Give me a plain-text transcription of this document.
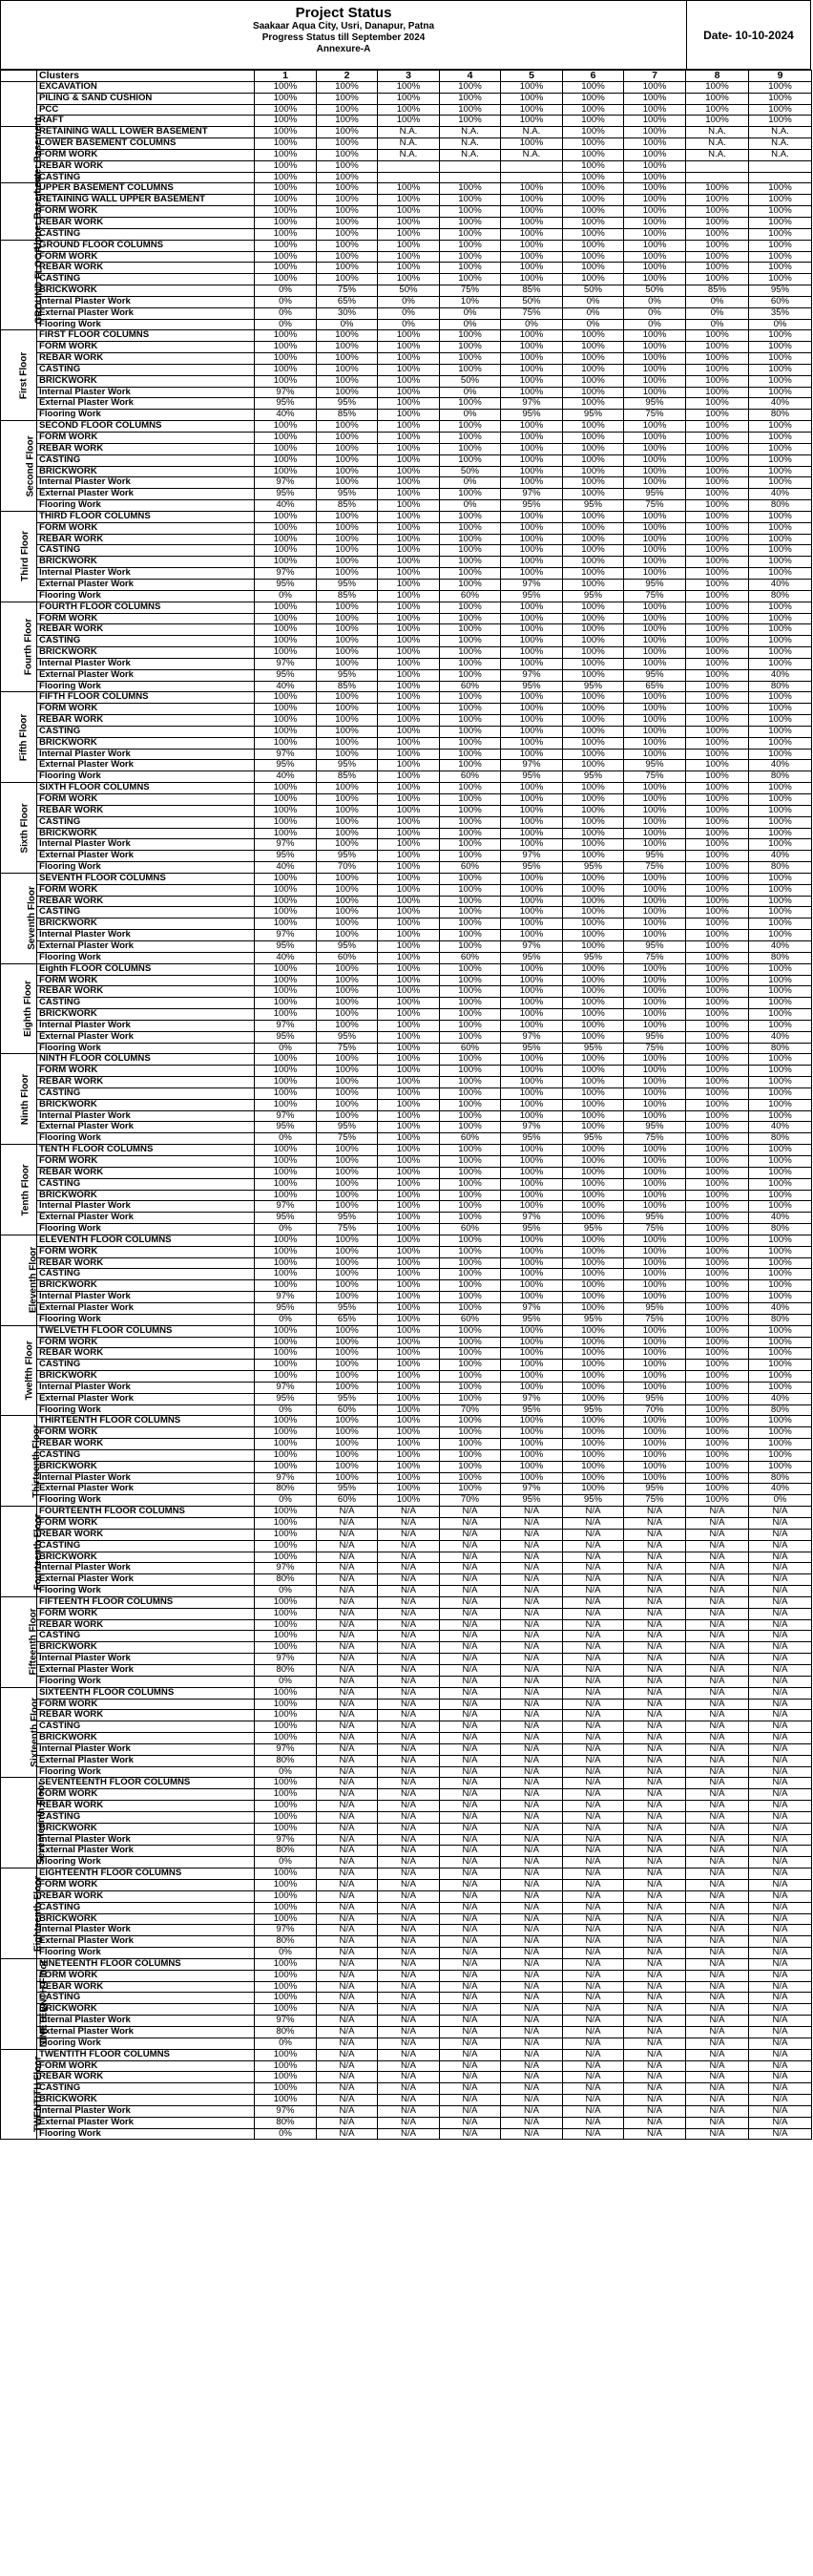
Project Status
Saakaar Aqua City, Usri, Danapur, Patna
Progress Status till September 2024
Annexure-A
Date- 10-10-2024
	Clusters	1	2	3	4	5	6	7	8	9
	EXCAVATION	100%	100%	100%	100%	100%	100%	100%	100%	100%
	PILING & SAND CUSHION	100%	100%	100%	100%	100%	100%	100%	100%	100%
	PCC	100%	100%	100%	100%	100%	100%	100%	100%	100%
	RAFT	100%	100%	100%	100%	100%	100%	100%	100%	100%
Lower Basement	RETAINING WALL LOWER BASEMENT	100%	100%	N.A.	N.A.	N.A.	100%	100%	N.A.	N.A.
	LOWER BASEMENT COLUMNS	100%	100%	N.A.	N.A.	100%	100%	100%	N.A.	N.A.
	FORM WORK	100%	100%	N.A.	N.A.	N.A.	100%	100%	N.A.	N.A.
	REBAR WORK	100%	100%				100%	100%		
	CASTING	100%	100%				100%	100%		
Upper Basement	UPPER BASEMENT COLUMNS	100%	100%	100%	100%	100%	100%	100%	100%	100%
	RETAINING WALL UPPER BASEMENT	100%	100%	100%	100%	100%	100%	100%	100%	100%
	FORM WORK	100%	100%	100%	100%	100%	100%	100%	100%	100%
	REBAR WORK	100%	100%	100%	100%	100%	100%	100%	100%	100%
	CASTING	100%	100%	100%	100%	100%	100%	100%	100%	100%
GROUND FLOOR	GROUND FLOOR COLUMNS	100%	100%	100%	100%	100%	100%	100%	100%	100%
	FORM WORK	100%	100%	100%	100%	100%	100%	100%	100%	100%
	REBAR WORK	100%	100%	100%	100%	100%	100%	100%	100%	100%
	CASTING	100%	100%	100%	100%	100%	100%	100%	100%	100%
	BRICKWORK	0%	75%	50%	75%	85%	50%	50%	85%	95%
	Internal Plaster Work	0%	65%	0%	10%	50%	0%	0%	0%	60%
	External Plaster Work	0%	30%	0%	0%	75%	0%	0%	0%	35%
	Flooring Work	0%	0%	0%	0%	0%	0%	0%	0%	0%
First Floor	FIRST FLOOR COLUMNS	100%	100%	100%	100%	100%	100%	100%	100%	100%
	FORM WORK	100%	100%	100%	100%	100%	100%	100%	100%	100%
	REBAR WORK	100%	100%	100%	100%	100%	100%	100%	100%	100%
	CASTING	100%	100%	100%	100%	100%	100%	100%	100%	100%
	BRICKWORK	100%	100%	100%	50%	100%	100%	100%	100%	100%
	Internal Plaster Work	97%	100%	100%	0%	100%	100%	100%	100%	100%
	External Plaster Work	95%	95%	100%	100%	97%	100%	95%	100%	40%
	Flooring Work	40%	85%	100%	0%	95%	95%	75%	100%	80%
Second Floor	SECOND FLOOR COLUMNS	100%	100%	100%	100%	100%	100%	100%	100%	100%
	FORM WORK	100%	100%	100%	100%	100%	100%	100%	100%	100%
	REBAR WORK	100%	100%	100%	100%	100%	100%	100%	100%	100%
	CASTING	100%	100%	100%	100%	100%	100%	100%	100%	100%
	BRICKWORK	100%	100%	100%	50%	100%	100%	100%	100%	100%
	Internal Plaster Work	97%	100%	100%	0%	100%	100%	100%	100%	100%
	External Plaster Work	95%	95%	100%	100%	97%	100%	95%	100%	40%
	Flooring Work	40%	85%	100%	0%	95%	95%	75%	100%	80%
Third Floor	THIRD FLOOR COLUMNS	100%	100%	100%	100%	100%	100%	100%	100%	100%
	FORM WORK	100%	100%	100%	100%	100%	100%	100%	100%	100%
	REBAR WORK	100%	100%	100%	100%	100%	100%	100%	100%	100%
	CASTING	100%	100%	100%	100%	100%	100%	100%	100%	100%
	BRICKWORK	100%	100%	100%	100%	100%	100%	100%	100%	100%
	Internal Plaster Work	97%	100%	100%	100%	100%	100%	100%	100%	100%
	External Plaster Work	95%	95%	100%	100%	97%	100%	95%	100%	40%
	Flooring Work	0%	85%	100%	60%	95%	95%	75%	100%	80%
Fourth Floor	FOURTH FLOOR COLUMNS	100%	100%	100%	100%	100%	100%	100%	100%	100%
	FORM WORK	100%	100%	100%	100%	100%	100%	100%	100%	100%
	REBAR WORK	100%	100%	100%	100%	100%	100%	100%	100%	100%
	CASTING	100%	100%	100%	100%	100%	100%	100%	100%	100%
	BRICKWORK	100%	100%	100%	100%	100%	100%	100%	100%	100%
	Internal Plaster Work	97%	100%	100%	100%	100%	100%	100%	100%	100%
	External Plaster Work	95%	95%	100%	100%	97%	100%	95%	100%	40%
	Flooring Work	40%	85%	100%	60%	95%	95%	65%	100%	80%
Fifth Floor	FIFTH FLOOR COLUMNS	100%	100%	100%	100%	100%	100%	100%	100%	100%
	FORM WORK	100%	100%	100%	100%	100%	100%	100%	100%	100%
	REBAR WORK	100%	100%	100%	100%	100%	100%	100%	100%	100%
	CASTING	100%	100%	100%	100%	100%	100%	100%	100%	100%
	BRICKWORK	100%	100%	100%	100%	100%	100%	100%	100%	100%
	Internal Plaster Work	97%	100%	100%	100%	100%	100%	100%	100%	100%
	External Plaster Work	95%	95%	100%	100%	97%	100%	95%	100%	40%
	Flooring Work	40%	85%	100%	60%	95%	95%	75%	100%	80%
Sixth Floor	SIXTH FLOOR COLUMNS	100%	100%	100%	100%	100%	100%	100%	100%	100%
	FORM WORK	100%	100%	100%	100%	100%	100%	100%	100%	100%
	REBAR WORK	100%	100%	100%	100%	100%	100%	100%	100%	100%
	CASTING	100%	100%	100%	100%	100%	100%	100%	100%	100%
	BRICKWORK	100%	100%	100%	100%	100%	100%	100%	100%	100%
	Internal Plaster Work	97%	100%	100%	100%	100%	100%	100%	100%	100%
	External Plaster Work	95%	95%	100%	100%	97%	100%	95%	100%	40%
	Flooring Work	40%	70%	100%	60%	95%	95%	75%	100%	80%
Seventh Floor	SEVENTH FLOOR COLUMNS	100%	100%	100%	100%	100%	100%	100%	100%	100%
	FORM WORK	100%	100%	100%	100%	100%	100%	100%	100%	100%
	REBAR WORK	100%	100%	100%	100%	100%	100%	100%	100%	100%
	CASTING	100%	100%	100%	100%	100%	100%	100%	100%	100%
	BRICKWORK	100%	100%	100%	100%	100%	100%	100%	100%	100%
	Internal Plaster Work	97%	100%	100%	100%	100%	100%	100%	100%	100%
	External Plaster Work	95%	95%	100%	100%	97%	100%	95%	100%	40%
	Flooring Work	40%	60%	100%	60%	95%	95%	75%	100%	80%
Eighth Floor	Eighth FLOOR COLUMNS	100%	100%	100%	100%	100%	100%	100%	100%	100%
	FORM WORK	100%	100%	100%	100%	100%	100%	100%	100%	100%
	REBAR WORK	100%	100%	100%	100%	100%	100%	100%	100%	100%
	CASTING	100%	100%	100%	100%	100%	100%	100%	100%	100%
	BRICKWORK	100%	100%	100%	100%	100%	100%	100%	100%	100%
	Internal Plaster Work	97%	100%	100%	100%	100%	100%	100%	100%	100%
	External Plaster Work	95%	95%	100%	100%	97%	100%	95%	100%	40%
	Flooring Work	0%	75%	100%	60%	95%	95%	75%	100%	80%
Ninth Floor	NINTH FLOOR COLUMNS	100%	100%	100%	100%	100%	100%	100%	100%	100%
	FORM WORK	100%	100%	100%	100%	100%	100%	100%	100%	100%
	REBAR WORK	100%	100%	100%	100%	100%	100%	100%	100%	100%
	CASTING	100%	100%	100%	100%	100%	100%	100%	100%	100%
	BRICKWORK	100%	100%	100%	100%	100%	100%	100%	100%	100%
	Internal Plaster Work	97%	100%	100%	100%	100%	100%	100%	100%	100%
	External Plaster Work	95%	95%	100%	100%	97%	100%	95%	100%	40%
	Flooring Work	0%	75%	100%	60%	95%	95%	75%	100%	80%
Tenth Floor	TENTH FLOOR COLUMNS	100%	100%	100%	100%	100%	100%	100%	100%	100%
	FORM WORK	100%	100%	100%	100%	100%	100%	100%	100%	100%
	REBAR WORK	100%	100%	100%	100%	100%	100%	100%	100%	100%
	CASTING	100%	100%	100%	100%	100%	100%	100%	100%	100%
	BRICKWORK	100%	100%	100%	100%	100%	100%	100%	100%	100%
	Internal Plaster Work	97%	100%	100%	100%	100%	100%	100%	100%	100%
	External Plaster Work	95%	95%	100%	100%	97%	100%	95%	100%	40%
	Flooring Work	0%	75%	100%	60%	95%	95%	75%	100%	80%
Eleventh Floor	ELEVENTH FLOOR COLUMNS	100%	100%	100%	100%	100%	100%	100%	100%	100%
	FORM WORK	100%	100%	100%	100%	100%	100%	100%	100%	100%
	REBAR WORK	100%	100%	100%	100%	100%	100%	100%	100%	100%
	CASTING	100%	100%	100%	100%	100%	100%	100%	100%	100%
	BRICKWORK	100%	100%	100%	100%	100%	100%	100%	100%	100%
	Internal Plaster Work	97%	100%	100%	100%	100%	100%	100%	100%	100%
	External Plaster Work	95%	95%	100%	100%	97%	100%	95%	100%	40%
	Flooring Work	0%	65%	100%	60%	95%	95%	75%	100%	80%
Twelfth Floor	TWELVETH FLOOR COLUMNS	100%	100%	100%	100%	100%	100%	100%	100%	100%
	FORM WORK	100%	100%	100%	100%	100%	100%	100%	100%	100%
	REBAR WORK	100%	100%	100%	100%	100%	100%	100%	100%	100%
	CASTING	100%	100%	100%	100%	100%	100%	100%	100%	100%
	BRICKWORK	100%	100%	100%	100%	100%	100%	100%	100%	100%
	Internal Plaster Work	97%	100%	100%	100%	100%	100%	100%	100%	100%
	External Plaster Work	95%	95%	100%	100%	97%	100%	95%	100%	40%
	Flooring Work	0%	60%	100%	70%	95%	95%	70%	100%	80%
Thirteenth Floor	THIRTEENTH FLOOR COLUMNS	100%	100%	100%	100%	100%	100%	100%	100%	100%
	FORM WORK	100%	100%	100%	100%	100%	100%	100%	100%	100%
	REBAR WORK	100%	100%	100%	100%	100%	100%	100%	100%	100%
	CASTING	100%	100%	100%	100%	100%	100%	100%	100%	100%
	BRICKWORK	100%	100%	100%	100%	100%	100%	100%	100%	100%
	Internal Plaster Work	97%	100%	100%	100%	100%	100%	100%	100%	80%
	External Plaster Work	80%	95%	100%	100%	97%	100%	95%	100%	40%
	Flooring Work	0%	60%	100%	70%	95%	95%	75%	100%	0%
Fourteenth Floor	FOURTEENTH FLOOR COLUMNS	100%	N/A	N/A	N/A	N/A	N/A	N/A	N/A	N/A
	FORM WORK	100%	N/A	N/A	N/A	N/A	N/A	N/A	N/A	N/A
	REBAR WORK	100%	N/A	N/A	N/A	N/A	N/A	N/A	N/A	N/A
	CASTING	100%	N/A	N/A	N/A	N/A	N/A	N/A	N/A	N/A
	BRICKWORK	100%	N/A	N/A	N/A	N/A	N/A	N/A	N/A	N/A
	Internal Plaster Work	97%	N/A	N/A	N/A	N/A	N/A	N/A	N/A	N/A
	External Plaster Work	80%	N/A	N/A	N/A	N/A	N/A	N/A	N/A	N/A
	Flooring Work	0%	N/A	N/A	N/A	N/A	N/A	N/A	N/A	N/A
Fifteenth Floor	FIFTEENTH FLOOR COLUMNS	100%	N/A	N/A	N/A	N/A	N/A	N/A	N/A	N/A
	FORM WORK	100%	N/A	N/A	N/A	N/A	N/A	N/A	N/A	N/A
	REBAR WORK	100%	N/A	N/A	N/A	N/A	N/A	N/A	N/A	N/A
	CASTING	100%	N/A	N/A	N/A	N/A	N/A	N/A	N/A	N/A
	BRICKWORK	100%	N/A	N/A	N/A	N/A	N/A	N/A	N/A	N/A
	Internal Plaster Work	97%	N/A	N/A	N/A	N/A	N/A	N/A	N/A	N/A
	External Plaster Work	80%	N/A	N/A	N/A	N/A	N/A	N/A	N/A	N/A
	Flooring Work	0%	N/A	N/A	N/A	N/A	N/A	N/A	N/A	N/A
Sixteenth Floor	SIXTEENTH FLOOR COLUMNS	100%	N/A	N/A	N/A	N/A	N/A	N/A	N/A	N/A
	FORM WORK	100%	N/A	N/A	N/A	N/A	N/A	N/A	N/A	N/A
	REBAR WORK	100%	N/A	N/A	N/A	N/A	N/A	N/A	N/A	N/A
	CASTING	100%	N/A	N/A	N/A	N/A	N/A	N/A	N/A	N/A
	BRICKWORK	100%	N/A	N/A	N/A	N/A	N/A	N/A	N/A	N/A
	Internal Plaster Work	97%	N/A	N/A	N/A	N/A	N/A	N/A	N/A	N/A
	External Plaster Work	80%	N/A	N/A	N/A	N/A	N/A	N/A	N/A	N/A
	Flooring Work	0%	N/A	N/A	N/A	N/A	N/A	N/A	N/A	N/A
Seventeenth Floor	SEVENTEENTH FLOOR COLUMNS	100%	N/A	N/A	N/A	N/A	N/A	N/A	N/A	N/A
	FORM WORK	100%	N/A	N/A	N/A	N/A	N/A	N/A	N/A	N/A
	REBAR WORK	100%	N/A	N/A	N/A	N/A	N/A	N/A	N/A	N/A
	CASTING	100%	N/A	N/A	N/A	N/A	N/A	N/A	N/A	N/A
	BRICKWORK	100%	N/A	N/A	N/A	N/A	N/A	N/A	N/A	N/A
	Internal Plaster Work	97%	N/A	N/A	N/A	N/A	N/A	N/A	N/A	N/A
	External Plaster Work	80%	N/A	N/A	N/A	N/A	N/A	N/A	N/A	N/A
	Flooring Work	0%	N/A	N/A	N/A	N/A	N/A	N/A	N/A	N/A
Eighteenth Floor	EIGHTEENTH FLOOR COLUMNS	100%	N/A	N/A	N/A	N/A	N/A	N/A	N/A	N/A
	FORM WORK	100%	N/A	N/A	N/A	N/A	N/A	N/A	N/A	N/A
	REBAR WORK	100%	N/A	N/A	N/A	N/A	N/A	N/A	N/A	N/A
	CASTING	100%	N/A	N/A	N/A	N/A	N/A	N/A	N/A	N/A
	BRICKWORK	100%	N/A	N/A	N/A	N/A	N/A	N/A	N/A	N/A
	Internal Plaster Work	97%	N/A	N/A	N/A	N/A	N/A	N/A	N/A	N/A
	External Plaster Work	80%	N/A	N/A	N/A	N/A	N/A	N/A	N/A	N/A
	Flooring Work	0%	N/A	N/A	N/A	N/A	N/A	N/A	N/A	N/A
NINETEENTH Floor	NINETEENTH FLOOR COLUMNS	100%	N/A	N/A	N/A	N/A	N/A	N/A	N/A	N/A
	FORM WORK	100%	N/A	N/A	N/A	N/A	N/A	N/A	N/A	N/A
	REBAR WORK	100%	N/A	N/A	N/A	N/A	N/A	N/A	N/A	N/A
	CASTING	100%	N/A	N/A	N/A	N/A	N/A	N/A	N/A	N/A
	BRICKWORK	100%	N/A	N/A	N/A	N/A	N/A	N/A	N/A	N/A
	Internal Plaster Work	97%	N/A	N/A	N/A	N/A	N/A	N/A	N/A	N/A
	External Plaster Work	80%	N/A	N/A	N/A	N/A	N/A	N/A	N/A	N/A
	Flooring Work	0%	N/A	N/A	N/A	N/A	N/A	N/A	N/A	N/A
TWENTITH Floor	TWENTITH FLOOR COLUMNS	100%	N/A	N/A	N/A	N/A	N/A	N/A	N/A	N/A
	FORM WORK	100%	N/A	N/A	N/A	N/A	N/A	N/A	N/A	N/A
	REBAR WORK	100%	N/A	N/A	N/A	N/A	N/A	N/A	N/A	N/A
	CASTING	100%	N/A	N/A	N/A	N/A	N/A	N/A	N/A	N/A
	BRICKWORK	100%	N/A	N/A	N/A	N/A	N/A	N/A	N/A	N/A
	Internal Plaster Work	97%	N/A	N/A	N/A	N/A	N/A	N/A	N/A	N/A
	External Plaster Work	80%	N/A	N/A	N/A	N/A	N/A	N/A	N/A	N/A
	Flooring Work	0%	N/A	N/A	N/A	N/A	N/A	N/A	N/A	N/A
